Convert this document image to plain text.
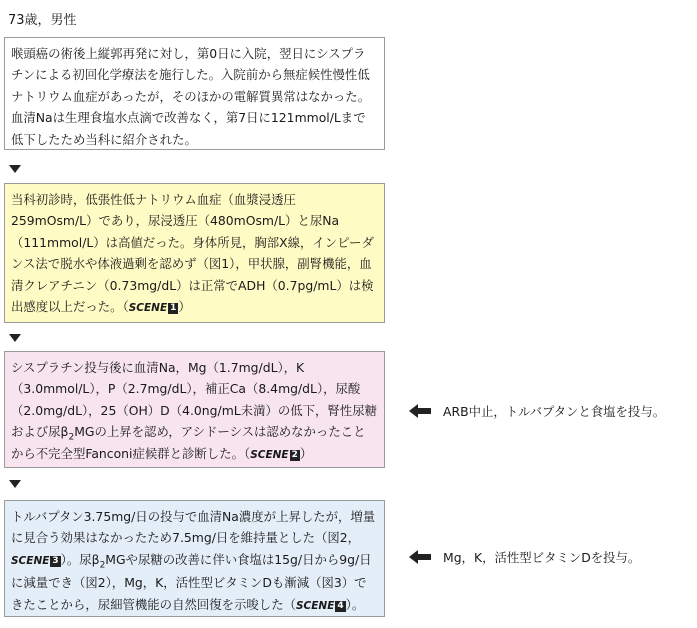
73歳，男性

喉頭癌の術後上縦郭再発に対し，第0日に入院，翌日にシスプラチンによる初回化学療法を施行した。入院前から無症候性慢性低ナトリウム血症があったが，そのほかの電解質異常はなかった。血清Naは生理食塩水点滴で改善なく，第7日に121mmol/Lまで低下したため当科に紹介された。

当科初診時，低張性低ナトリウム血症（血漿浸透圧259mOsm/L）であり，尿浸透圧（480mOsm/L）と尿Na（111mmol/L）は高値だった。身体所見，胸部X線，インピーダンス法で脱水や体液過剰を認めず（図1），甲状腺，副腎機能，血清クレアチニン（0.73mg/dL）は正常でADH（0.7pg/mL）は検出感度以上だった。（SCENE 1 ）

シスプラチン投与後に血清Na，Mg（1.7mg/dL），K（3.0mmol/L），P（2.7mg/dL），補正Ca（8.4mg/dL），尿酸（2.0mg/dL），25（OH）D（4.0ng/mL未満）の低下，腎性尿糖および尿$\beta_2MG$の上昇を認め，アシドーシスは認めなかったことから不完全型Fanconi症候群と診断した。（SCENE 2 ）

トルバプタン3.75mg/日の投与で血清Na濃度が上昇したが，増量に見合う効果はなかったため7.5mg/日を維持量とした（図2，SCENE 3 ）。尿$\beta_2MG$や尿糖の改善に伴い食塩は15g/日から9g/日に減量でき（図2），Mg，K，活性型ビタミンDも漸減（図3）できたことから，尿細管機能の自然回復を示唆した（SCENE 4 ）。

ARB中止，トルバプタンと食塩を投与。
Mg，K，活性型ビタミンDを投与。
